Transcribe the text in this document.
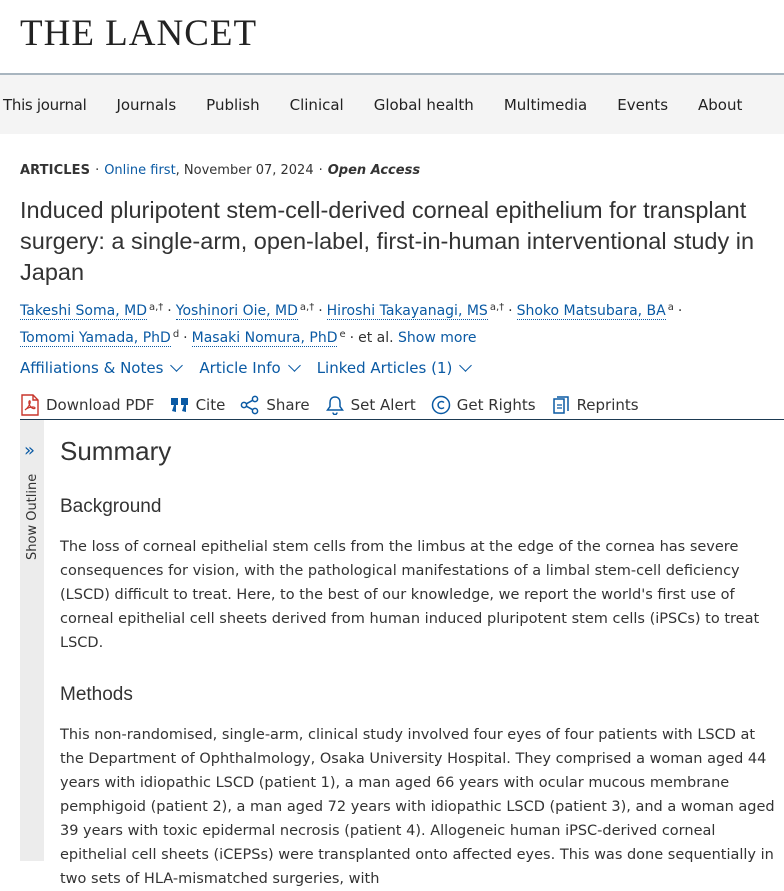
THE LANCET
This journal Journals Publish Clinical Global health Multimedia Events About
ARTICLES · Online first, November 07, 2024 · Open Access
Induced pluripotent stem-cell-derived corneal epithelium for transplant surgery: a single-arm, open-label, first-in-human interventional study in Japan
Takeshi Soma, MD $^{a,\dagger}$ · Yoshinori Oie, MD $^{a,\dagger}$ · Hiroshi Takayanagi, MS $^{a,\dagger}$ · Shoko Matsubara, BA $^a$ ·
Tomomi Yamada, PhD $^d$ · Masaki Nomura, PhD $^e$ · et al. Show more
Affiliations & Notes Article Info Linked Articles (1)
Download PDF	Cite	Share	Set Alert	Get Rights	Reprints
»
Show Outline
Summary
Background

The loss of corneal epithelial stem cells from the limbus at the edge of the cornea has severe consequences for vision, with the pathological manifestations of a limbal stem-cell deficiency (LSCD) difficult to treat. Here, to the best of our knowledge, we report the world's first use of corneal epithelial cell sheets derived from human induced pluripotent stem cells (iPSCs) to treat LSCD.

Methods

This non-randomised, single-arm, clinical study involved four eyes of four patients with LSCD at the Department of Ophthalmology, Osaka University Hospital. They comprised a woman aged 44 years with idiopathic LSCD (patient 1), a man aged 66 years with ocular mucous membrane pemphigoid (patient 2), a man aged 72 years with idiopathic LSCD (patient 3), and a woman aged 39 years with toxic epidermal necrosis (patient 4). Allogeneic human iPSC-derived corneal epithelial cell sheets (iCEPSs) were transplanted onto affected eyes. This was done sequentially in two sets of HLA-mismatched surgeries, with
